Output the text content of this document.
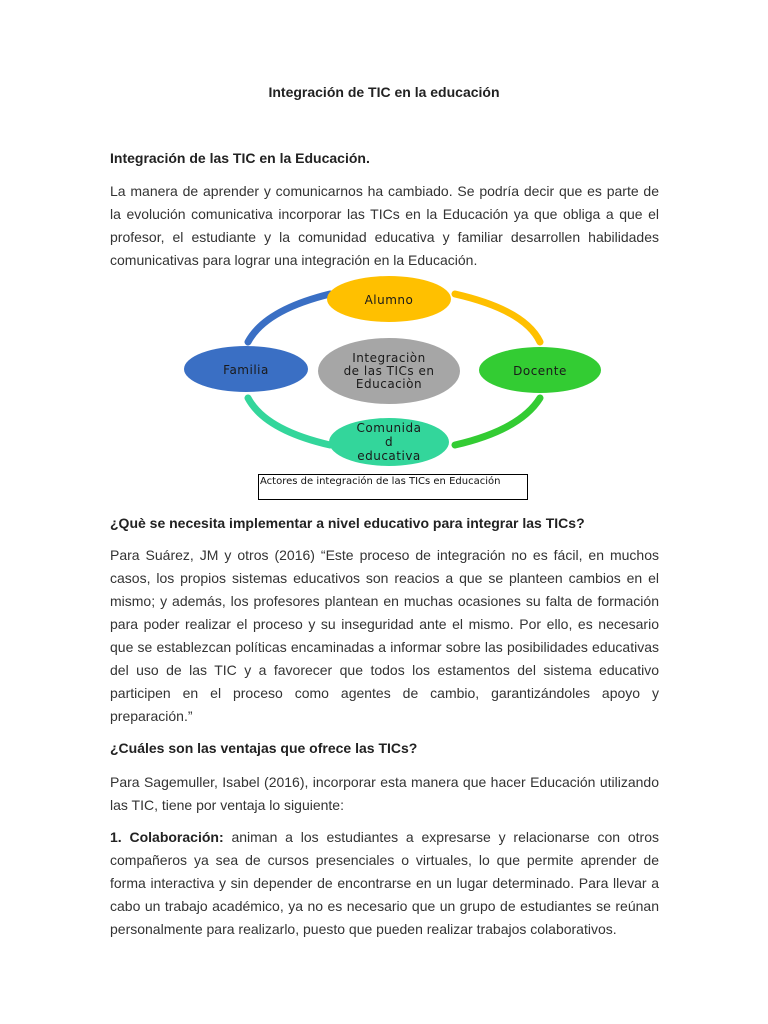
Integración de TIC en la educación
Integración de las TIC en la Educación.

La manera de aprender y comunicarnos ha cambiado. Se podría decir que es parte de la evolución comunicativa incorporar las TICs en la Educación ya que obliga a que el profesor, el estudiante y la comunidad educativa y familiar desarrollen habilidades comunicativas para lograr una integración en la Educación.

Integraciòn
de las TICs en
Educaciòn
Alumno
Docente
Comunida
d
educativa
Familia
Actores de integración de las TICs en Educación
¿Què se necesita implementar a nivel educativo para integrar las TICs?

Para Suárez, JM y otros (2016) “Este proceso de integración no es fácil, en muchos casos, los propios sistemas educativos son reacios a que se planteen cambios en el mismo; y además, los profesores plantean en muchas ocasiones su falta de formación para poder realizar el proceso y su inseguridad ante el mismo. Por ello, es necesario que se establezcan políticas encaminadas a informar sobre las posibilidades educativas del uso de las TIC y a favorecer que todos los estamentos del sistema educativo participen en el proceso como agentes de cambio, garantizándoles apoyo y preparación.”

¿Cuáles son las ventajas que ofrece las TICs?

Para Sagemuller, Isabel (2016), incorporar esta manera que hacer Educación utilizando las TIC, tiene por ventaja lo siguiente:

1. Colaboración: animan a los estudiantes a expresarse y relacionarse con otros compañeros ya sea de cursos presenciales o virtuales, lo que permite aprender de forma interactiva y sin depender de encontrarse en un lugar determinado. Para llevar a cabo un trabajo académico, ya no es necesario que un grupo de estudiantes se reúnan personalmente para realizarlo, puesto que pueden realizar trabajos colaborativos.
